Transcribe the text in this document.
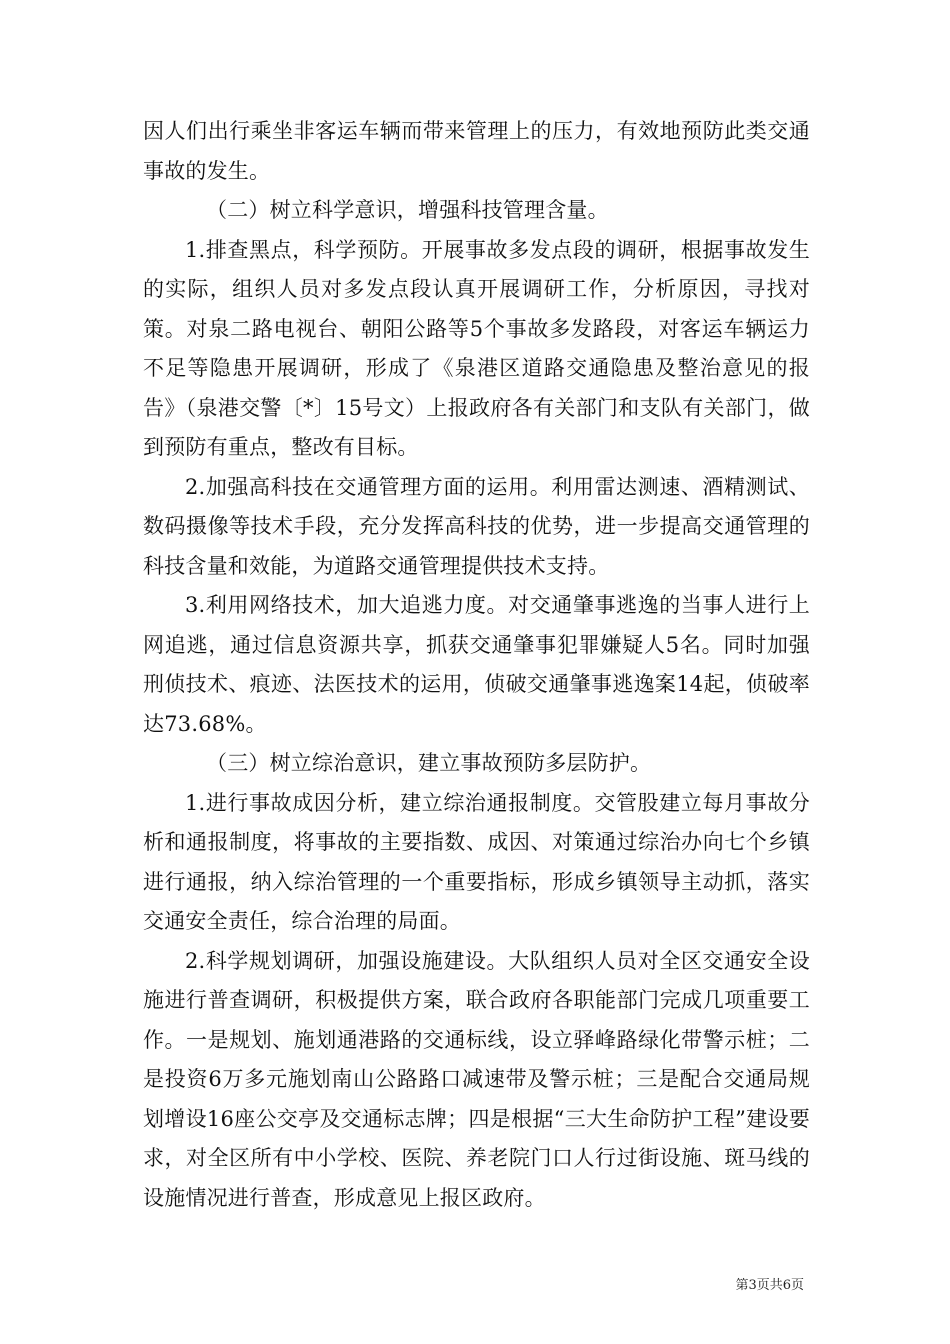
因人们出行乘坐非客运车辆而带来管理上的压力，有效地预防此类交通事故的发生。

（二）树立科学意识，增强科技管理含量。

1.排查黑点，科学预防。开展事故多发点段的调研，根据事故发生的实际，组织人员对多发点段认真开展调研工作，分析原因，寻找对策。对泉二路电视台、朝阳公路等5个事故多发路段，对客运车辆运力不足等隐患开展调研，形成了《泉港区道路交通隐患及整治意见的报告》（泉港交警〔*〕15号文）上报政府各有关部门和支队有关部门，做到预防有重点，整改有目标。

2.加强高科技在交通管理方面的运用。利用雷达测速、酒精测试、数码摄像等技术手段，充分发挥高科技的优势，进一步提高交通管理的科技含量和效能，为道路交通管理提供技术支持。

3.利用网络技术，加大追逃力度。对交通肇事逃逸的当事人进行上网追逃，通过信息资源共享，抓获交通肇事犯罪嫌疑人5名。同时加强刑侦技术、痕迹、法医技术的运用，侦破交通肇事逃逸案14起，侦破率达73.68%。

（三）树立综治意识，建立事故预防多层防护。

1.进行事故成因分析，建立综治通报制度。交管股建立每月事故分析和通报制度，将事故的主要指数、成因、对策通过综治办向七个乡镇进行通报，纳入综治管理的一个重要指标，形成乡镇领导主动抓，落实交通安全责任，综合治理的局面。

2.科学规划调研，加强设施建设。大队组织人员对全区交通安全设施进行普查调研，积极提供方案，联合政府各职能部门完成几项重要工作。一是规划、施划通港路的交通标线，设立驿峰路绿化带警示桩；二是投资6万多元施划南山公路路口减速带及警示桩；三是配合交通局规划增设16座公交亭及交通标志牌；四是根据“三大生命防护工程”建设要求，对全区所有中小学校、医院、养老院门口人行过街设施、斑马线的设施情况进行普查，形成意见上报区政府。

第3页共6页
